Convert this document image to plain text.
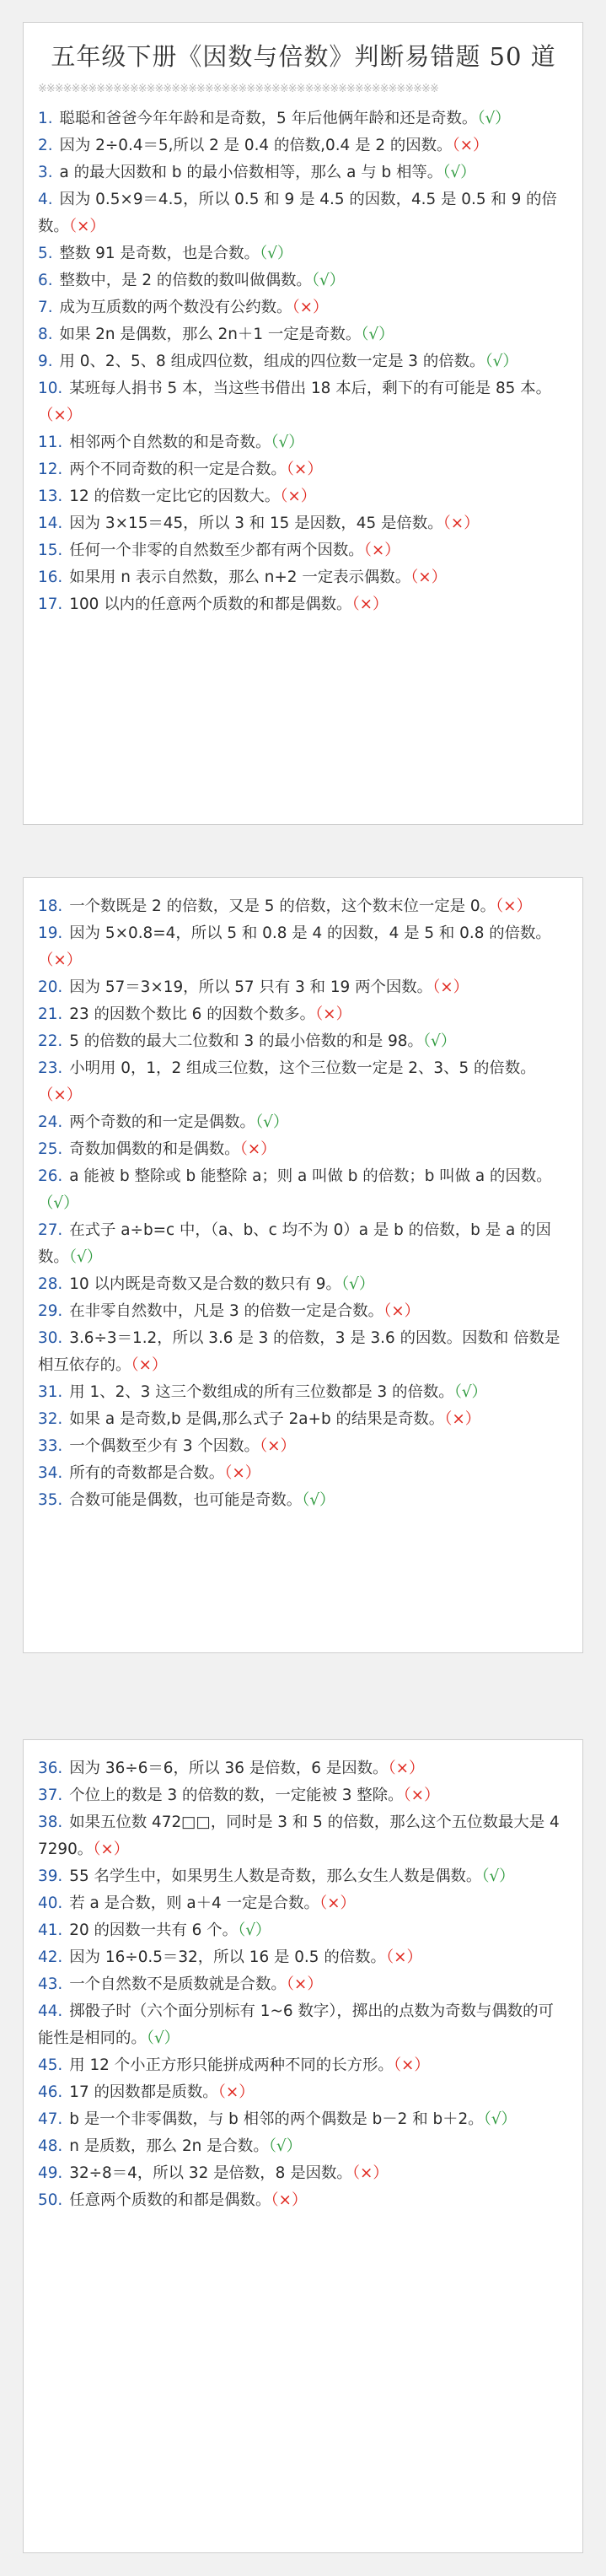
五年级下册《因数与倍数》判断易错题 50 道
※※※※※※※※※※※※※※※※※※※※※※※※※※※※※※※※※※※※※※※※※※※※※※※※
1. 聪聪和爸爸今年年龄和是奇数，5 年后他俩年龄和还是奇数。（√）
2. 因为 2÷0.4＝5,所以 2 是 0.4 的倍数,0.4 是 2 的因数。（×）
3. a 的最大因数和 b 的最小倍数相等，那么 a 与 b 相等。（√）
4. 因为 0.5×9＝4.5，所以 0.5 和 9 是 4.5 的因数，4.5 是 0.5 和 9 的倍数。（×）
5. 整数 91 是奇数，也是合数。（√）
6. 整数中，是 2 的倍数的数叫做偶数。（√）
7. 成为互质数的两个数没有公约数。（×）
8. 如果 2n 是偶数，那么 2n＋1 一定是奇数。（√）
9. 用 0、2、5、8 组成四位数，组成的四位数一定是 3 的倍数。（√）
10. 某班每人捐书 5 本，当这些书借出 18 本后，剩下的有可能是 85 本。（×）
11. 相邻两个自然数的和是奇数。（√）
12. 两个不同奇数的积一定是合数。（×）
13. 12 的倍数一定比它的因数大。（×）
14. 因为 3×15＝45，所以 3 和 15 是因数，45 是倍数。（×）
15. 任何一个非零的自然数至少都有两个因数。（×）
16. 如果用 n 表示自然数，那么 n+2 一定表示偶数。（×）
17. 100 以内的任意两个质数的和都是偶数。（×）
18. 一个数既是 2 的倍数，又是 5 的倍数，这个数末位一定是 0。（×）
19. 因为 5×0.8=4，所以 5 和 0.8 是 4 的因数，4 是 5 和 0.8 的倍数。（×）
20. 因为 57＝3×19，所以 57 只有 3 和 19 两个因数。（×）
21. 23 的因数个数比 6 的因数个数多。（×）
22. 5 的倍数的最大二位数和 3 的最小倍数的和是 98。（√）
23. 小明用 0，1，2 组成三位数，这个三位数一定是 2、3、5 的倍数。（×）
24. 两个奇数的和一定是偶数。（√）
25. 奇数加偶数的和是偶数。（×）
26. a 能被 b 整除或 b 能整除 a；则 a 叫做 b 的倍数；b 叫做 a 的因数。（√）
27. 在式子 a÷b=c 中，（a、b、c 均不为 0）a 是 b 的倍数，b 是 a 的因数。（√）
28. 10 以内既是奇数又是合数的数只有 9。（√）
29. 在非零自然数中，凡是 3 的倍数一定是合数。（×）
30. 3.6÷3＝1.2，所以 3.6 是 3 的倍数，3 是 3.6 的因数。因数和 倍数是相互依存的。（×）
31. 用 1、2、3 这三个数组成的所有三位数都是 3 的倍数。（√）
32. 如果 a 是奇数,b 是偶,那么式子 2a+b 的结果是奇数。（×）
33. 一个偶数至少有 3 个因数。（×）
34. 所有的奇数都是合数。（×）
35. 合数可能是偶数，也可能是奇数。（√）
36. 因为 36÷6＝6，所以 36 是倍数，6 是因数。（×）
37. 个位上的数是 3 的倍数的数，一定能被 3 整除。（×）
38. 如果五位数 472□□，同时是 3 和 5 的倍数，那么这个五位数最大是 47290。（×）
39. 55 名学生中，如果男生人数是奇数，那么女生人数是偶数。（√）
40. 若 a 是合数，则 a＋4 一定是合数。（×）
41. 20 的因数一共有 6 个。（√）
42. 因为 16÷0.5＝32，所以 16 是 0.5 的倍数。（×）
43. 一个自然数不是质数就是合数。（×）
44. 掷骰子时（六个面分别标有 1~6 数字），掷出的点数为奇数与偶数的可能性是相同的。（√）
45. 用 12 个小正方形只能拼成两种不同的长方形。（×）
46. 17 的因数都是质数。（×）
47. b 是一个非零偶数，与 b 相邻的两个偶数是 b－2 和 b＋2。（√）
48. n 是质数，那么 2n 是合数。（√）
49. 32÷8＝4，所以 32 是倍数，8 是因数。（×）
50. 任意两个质数的和都是偶数。（×）
